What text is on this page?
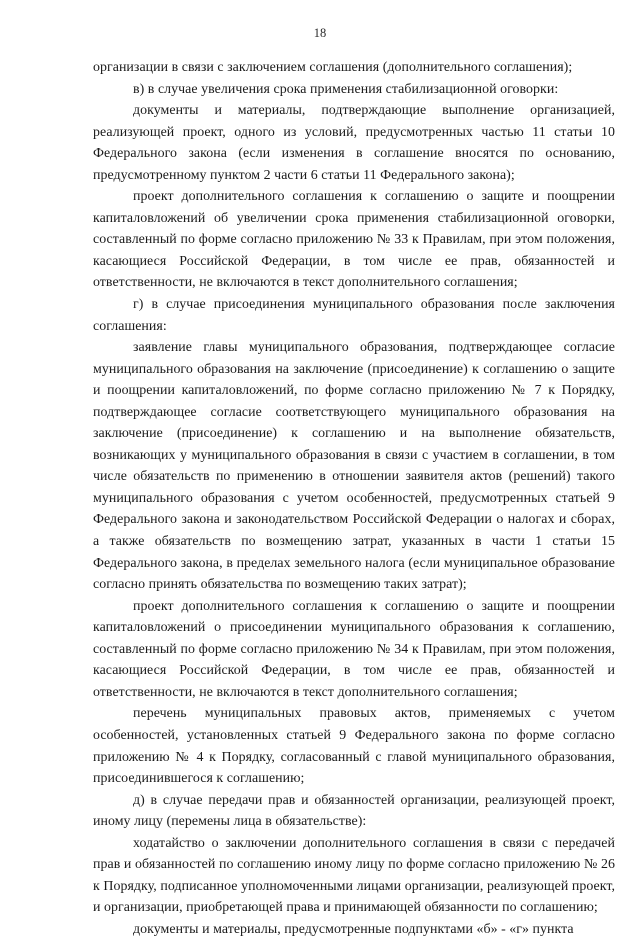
18

организации в связи с заключением соглашения (дополнительного соглашения);

в) в случае увеличения срока применения стабилизационной оговорки:

документы и материалы, подтверждающие выполнение организацией, реализующей проект, одного из условий, предусмотренных частью 11 статьи 10 Федерального закона (если изменения в соглашение вносятся по основанию, предусмотренному пунктом 2 части 6 статьи 11 Федерального закона);

проект дополнительного соглашения к соглашению о защите и поощрении капиталовложений об увеличении срока применения стабилизационной оговорки, составленный по форме согласно приложению № 33 к Правилам, при этом положения, касающиеся Российской Федерации, в том числе ее прав, обязанностей и ответственности, не включаются в текст дополнительного соглашения;

г) в случае присоединения муниципального образования после заключения соглашения:

заявление главы муниципального образования, подтверждающее согласие муниципального образования на заключение (присоединение) к соглашению о защите и поощрении капиталовложений, по форме согласно приложению № 7 к Порядку, подтверждающее согласие соответствующего муниципального образования на заключение (присоединение) к соглашению и на выполнение обязательств, возникающих у муниципального образования в связи с участием в соглашении, в том числе обязательств по применению в отношении заявителя актов (решений) такого муниципального образования с учетом особенностей, предусмотренных статьей 9 Федерального закона и законодательством Российской Федерации о налогах и сборах, а также обязательств по возмещению затрат, указанных в части 1 статьи 15 Федерального закона, в пределах земельного налога (если муниципальное образование согласно принять обязательства по возмещению таких затрат);

проект дополнительного соглашения к соглашению о защите и поощрении капиталовложений о присоединении муниципального образования к соглашению, составленный по форме согласно приложению № 34 к Правилам, при этом положения, касающиеся Российской Федерации, в том числе ее прав, обязанностей и ответственности, не включаются в текст дополнительного соглашения;

перечень муниципальных правовых актов, применяемых с учетом особенностей, установленных статьей 9 Федерального закона по форме согласно приложению № 4 к Порядку, согласованный с главой муниципального образования, присоединившегося к соглашению;

д) в случае передачи прав и обязанностей организации, реализующей проект, иному лицу (перемены лица в обязательстве):

ходатайство о заключении дополнительного соглашения в связи с передачей прав и обязанностей по соглашению иному лицу по форме согласно приложению № 26 к Порядку, подписанное уполномоченными лицами организации, реализующей проект, и организации, приобретающей права и принимающей обязанности по соглашению;

документы и материалы, предусмотренные подпунктами «б» - «г» пункта
